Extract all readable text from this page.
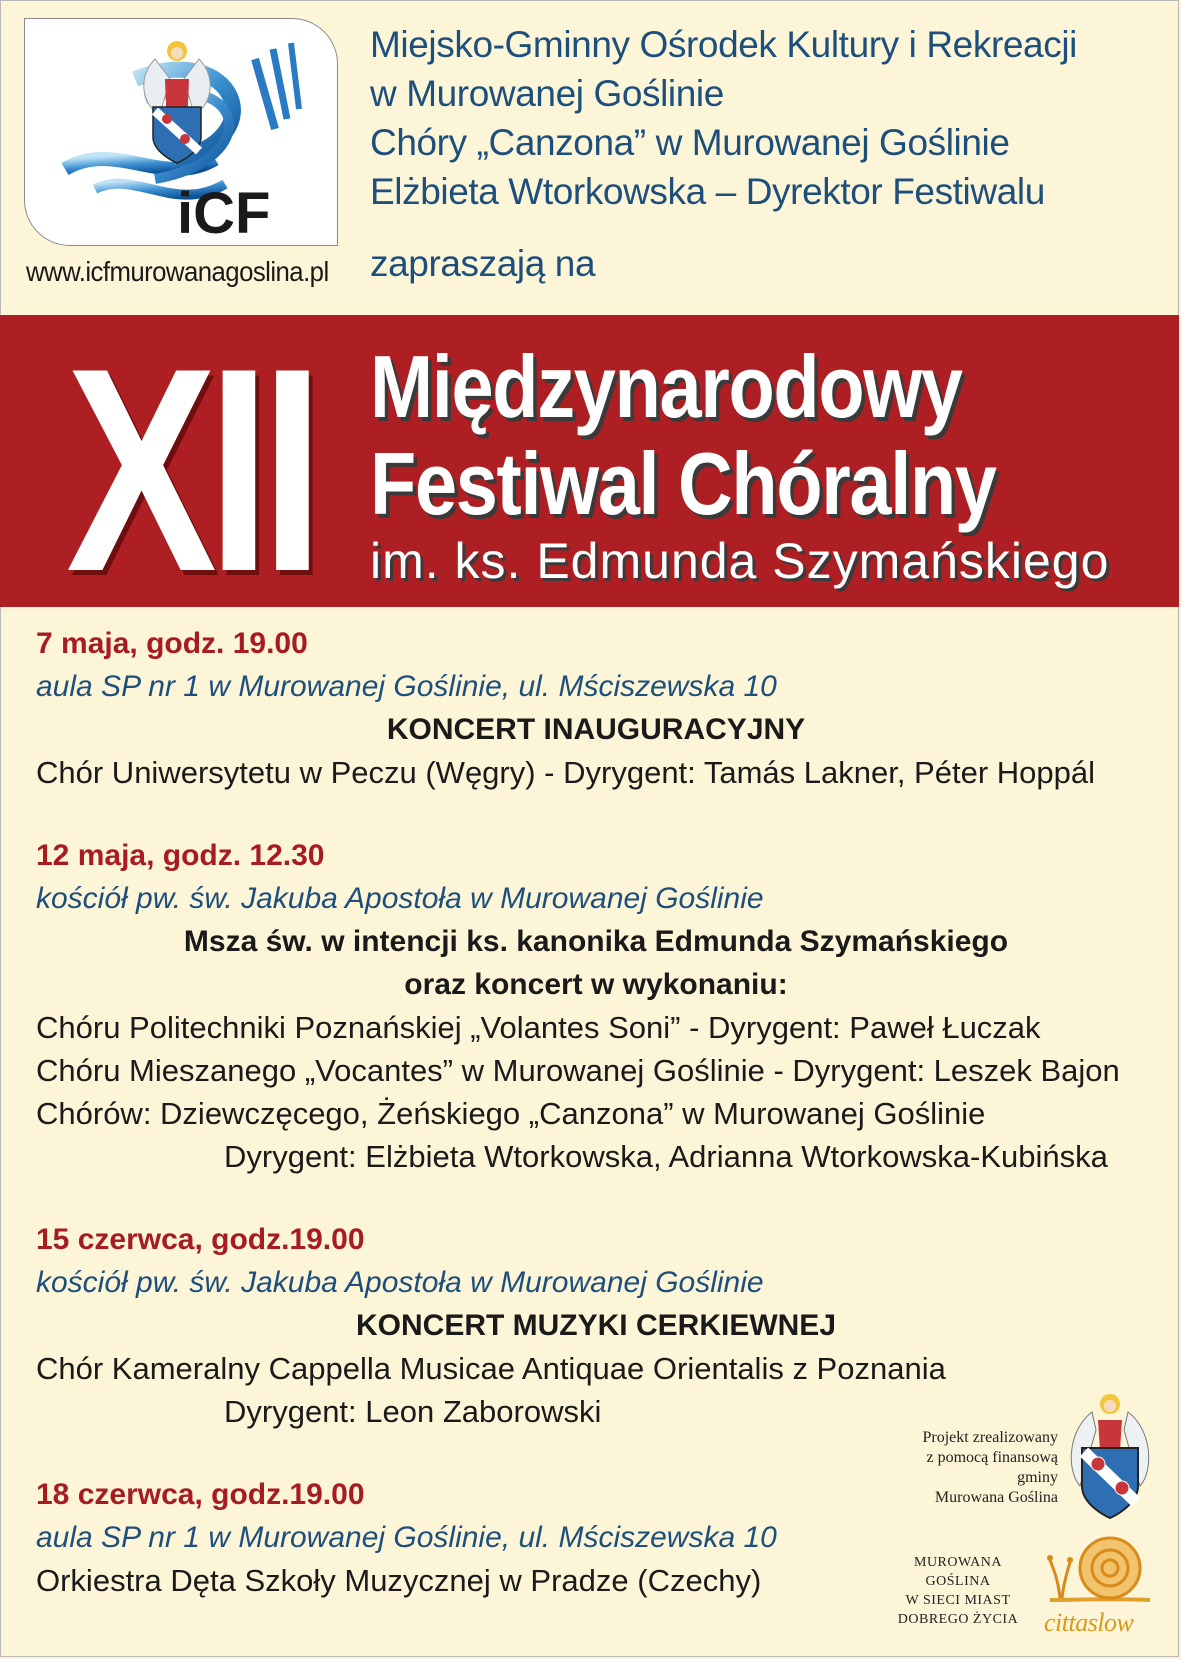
iCF
www.icfmurowanagoslina.pl
Miejsko-Gminny Ośrodek Kultury i Rekreacji
w Murowanej Goślinie
Chóry „Canzona” w Murowanej Goślinie
Elżbieta Wtorkowska – Dyrektor Festiwalu
zapraszają na
XII Międzynarodowy
Festiwal Chóralny
im. ks. Edmunda Szymańskiego
7 maja, godz. 19.00
aula SP nr 1 w Murowanej Goślinie, ul. Mściszewska 10
KONCERT INAUGURACYJNY
Chór Uniwersytetu w Peczu (Węgry) - Dyrygent: Tamás Lakner, Péter Hoppál
12 maja, godz. 12.30
kościół pw. św. Jakuba Apostoła w Murowanej Goślinie
Msza św. w intencji ks. kanonika Edmunda Szymańskiego
oraz koncert w wykonaniu:
Chóru Politechniki Poznańskiej „Volantes Soni” - Dyrygent: Paweł Łuczak
Chóru Mieszanego „Vocantes” w Murowanej Goślinie - Dyrygent: Leszek Bajon
Chórów: Dziewczęcego, Żeńskiego „Canzona” w Murowanej Goślinie
Dyrygent: Elżbieta Wtorkowska, Adrianna Wtorkowska-Kubińska
15 czerwca, godz.19.00
kościół pw. św. Jakuba Apostoła w Murowanej Goślinie
KONCERT MUZYKI CERKIEWNEJ
Chór Kameralny Cappella Musicae Antiquae Orientalis z Poznania
Dyrygent: Leon Zaborowski
18 czerwca, godz.19.00
aula SP nr 1 w Murowanej Goślinie, ul. Mściszewska 10
Orkiestra Dęta Szkoły Muzycznej w Pradze (Czechy)
Projekt zrealizowany
z pomocą finansową
gminy
Murowana Goślina
MUROWANA
GOŚLINA
W SIECI MIAST
DOBREGO ŻYCIA cittaslow
